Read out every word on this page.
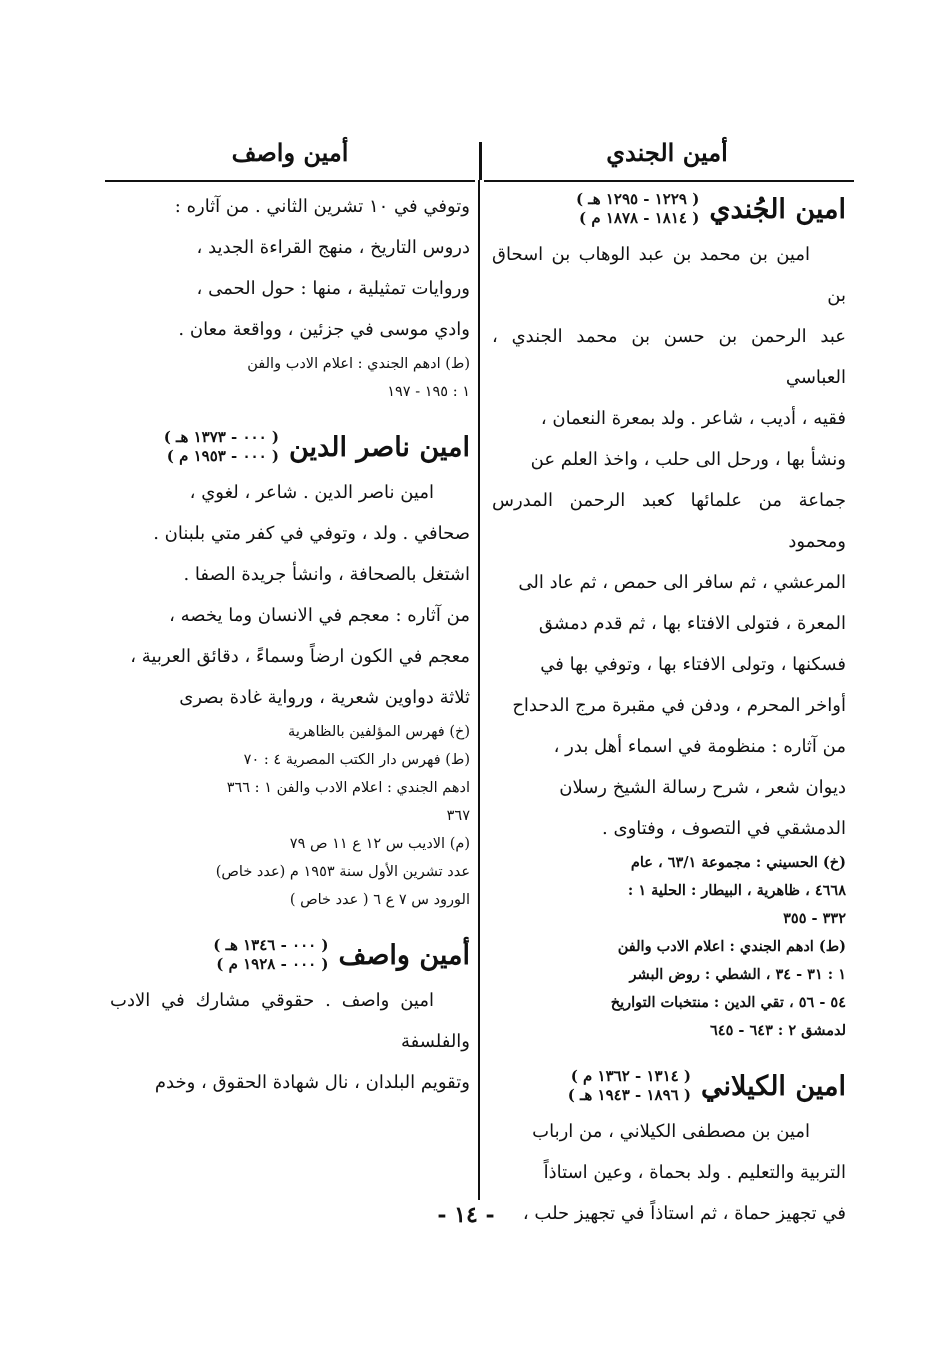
أمين الجندي
أمين واصف
امين الجُندي
( ١٢٢٩ - ١٢٩٥ هـ )
( ١٨١٤ - ١٨٧٨ م )

امين بن محمد بن عبد الوهاب بن اسحاق بن

عبد الرحمن بن حسن بن محمد الجندي ، العباسي

فقيه ، أديب ، شاعر . ولد بمعرة النعمان ،

ونشأ بها ، ورحل الى حلب ، واخذ العلم عن

جماعة من علمائها كعبد الرحمن المدرس ومحمود

المرعشي ، ثم سافر الى حمص ، ثم عاد الى

المعرة ، فتولى الافتاء بها ، ثم قدم دمشق

فسكنها ، وتولى الافتاء بها ، وتوفي بها في

أواخر المحرم ، ودفن في مقبرة مرج الدحداح

من آثاره : منظومة في اسماء أهل بدر ،

ديوان شعر ، شرح رسالة الشيخ رسلان

الدمشقي في التصوف ، وفتاوى .

(خ) الحسيني : مجموعة ٦٣/١ ، عام

٤٦٦٨ ، ظاهرية ، البيطار : الحلية ١ :

٣٣٢ - ٣٥٥

(ط) ادهم الجندي : اعلام الادب والفن

١ : ٣١ - ٣٤ ، الشطي : روض البشر

٥٤ - ٥٦ ، تقي الدين : منتخبات التواريخ

لدمشق ٢ : ٦٤٣ - ٦٤٥

امين الكيلاني
( ١٣١٤ - ١٣٦٢ م )
( ١٨٩٦ - ١٩٤٣ هـ )

امين بن مصطفى الكيلاني ، من ارباب

التربية والتعليم . ولد بحماة ، وعين استاذاً

في تجهيز حماة ، ثم استاذاً في تجهيز حلب ،

وتوفي في ١٠ تشرين الثاني . من آثاره :

دروس التاريخ ، منهج القراءة الجديد ،

وروايات تمثيلية ، منها : حول الحمى ،

وادي موسى في جزئين ، وواقعة معان .

(ط) ادهم الجندي : اعلام الادب والفن

١ : ١٩٥ - ١٩٧

امين ناصر الدين
( ٠٠٠ - ١٣٧٣ هـ )
( ٠٠٠ - ١٩٥٣ م )

امين ناصر الدين . شاعر ، لغوي ،

صحافي . ولد ، وتوفي في كفر متي بلبنان .

اشتغل بالصحافة ، وانشأ جريدة الصفا .

من آثاره : معجم في الانسان وما يخصه ،

معجم في الكون ارضاً وسماءً ، دقائق العربية ،

ثلاثة دواوين شعرية ، ورواية غادة بصرى

(خ) فهرس المؤلفين بالظاهرية

(ط) فهرس دار الكتب المصرية ٤ : ٧٠

ادهم الجندي : اعلام الادب والفن ١ : ٣٦٦

٣٦٧

(م) الاديب س ١٢ ع ١١ ص ٧٩

عدد تشرين الأول سنة ١٩٥٣ م (عدد خاص)

الورود س ٧ ع ٦ ( عدد خاص )

أمين واصف
( ٠٠٠ - ١٣٤٦ هـ )
( ٠٠٠ - ١٩٢٨ م )

امين واصف . حقوقي مشارك في الادب والفلسفة

وتقويم البلدان ، نال شهادة الحقوق ، وخدم

- ١٤ -
